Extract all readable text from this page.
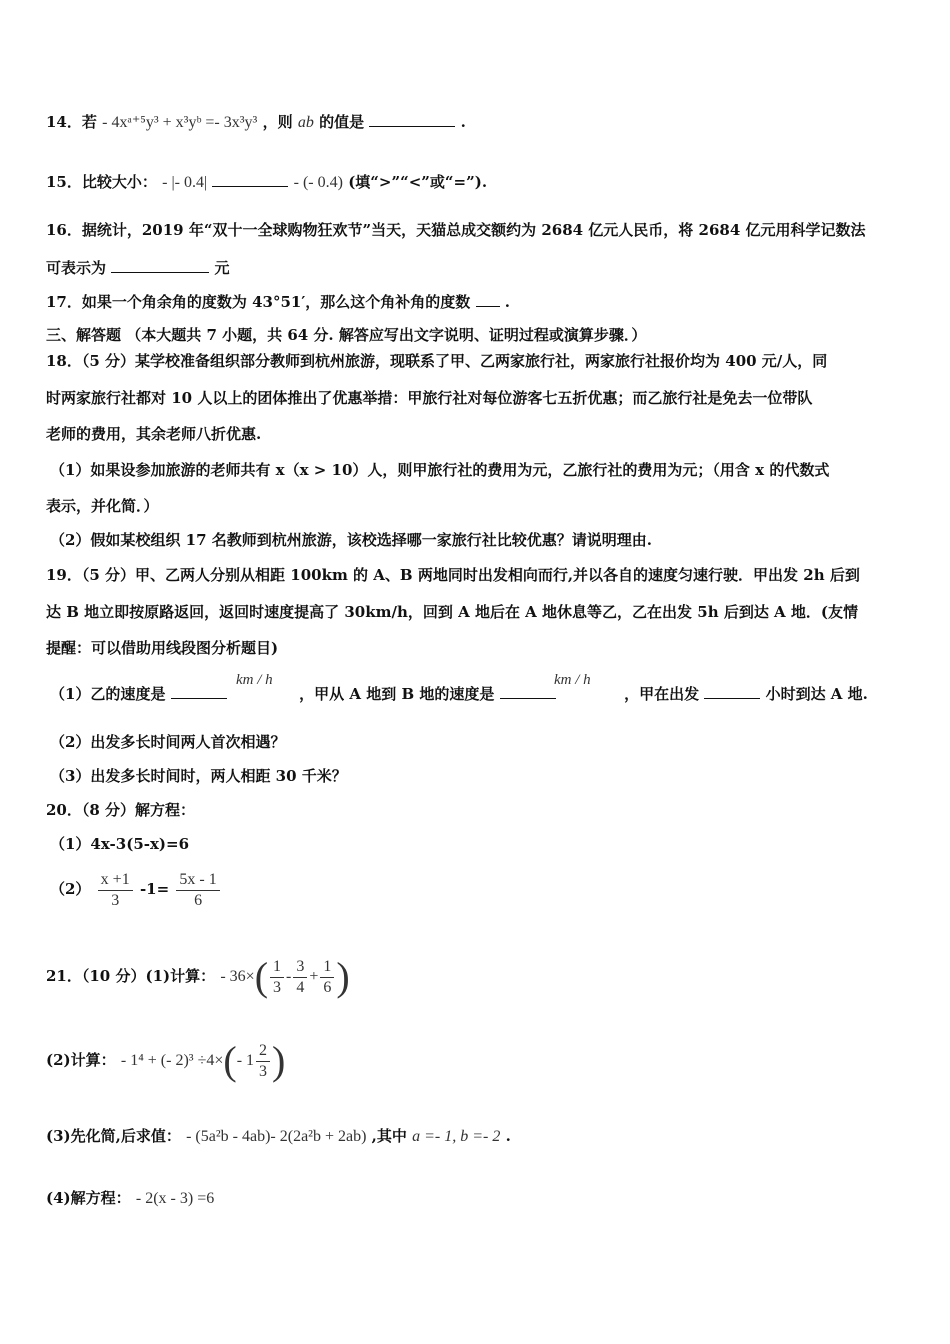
14．若 - 4xᵃ⁺⁵y³ + x³yᵇ =- 3x³y³ ，则 ab 的值是	.
15．比较大小： - |- 0.4|	- (- 0.4) (填“>”“<”或“=”).
16．据统计，2019 年“双十一全球购物狂欢节”当天，天猫总成交额约为 2684 亿元人民币，将 2684 亿元用科学记数法
可表示为	元
17．如果一个角余角的度数为 43°51′，那么这个角补角的度数 .
三、解答题 （本大题共 7 小题，共 64 分. 解答应写出文字说明、证明过程或演算步骤．）
18．（5 分）某学校准备组织部分教师到杭州旅游，现联系了甲、乙两家旅行社，两家旅行社报价均为 400 元/人，同
时两家旅行社都对 10 人以上的团体推出了优惠举措：甲旅行社对每位游客七五折优惠；而乙旅行社是免去一位带队
老师的费用，其余老师八折优惠.
（1）如果设参加旅游的老师共有 x（x > 10）人，则甲旅行社的费用为元，乙旅行社的费用为元；（用含 x 的代数式
表示，并化简．）
（2）假如某校组织 17 名教师到杭州旅游，该校选择哪一家旅行社比较优惠？请说明理由.
19．（5 分）甲、乙两人分别从相距 100km 的 A、B 两地同时出发相向而行,并以各自的速度匀速行驶．甲出发 2h 后到
达 B 地立即按原路返回，返回时速度提高了 30km/h，回到 A 地后在 A 地休息等乙，乙在出发 5h 后到达 A 地．(友情
提醒：可以借助用线段图分析题目)
km / h	km / h
（1）乙的速度是	，甲从 A 地到 B 地的速度是	，甲在出发	小时到达 A 地.
（2）出发多长时间两人首次相遇？
（3）出发多长时间时，两人相距 30 千米？
20．（8 分）解方程：
（1）4x-3(5-x)=6
$(2) \frac{x +1}{3} -1= \frac{5x - 1}{6}$
21．（10 分）(1)计算： - $36\times( \frac{1}{3} - \frac{3}{4} + \frac{1}{6}$ )
(2)计算： - 1⁴ + (- 2)³ ÷4×(- $1 \frac{2}{3}$ )
(3)先化简,后求值： - (5a²b - 4ab)- 2(2a²b + 2ab) ,其中 a =- 1, b =- 2 .
(4)解方程： - 2(x - 3) =6
